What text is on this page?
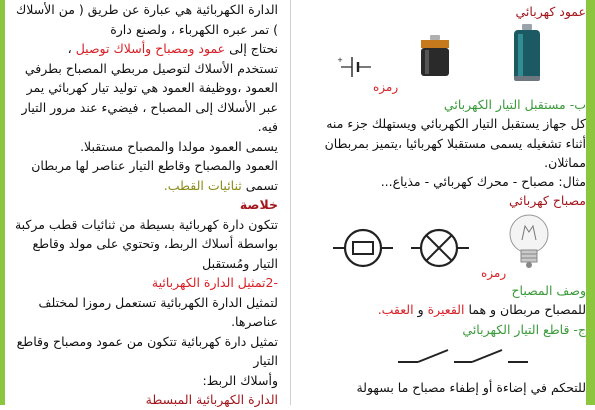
الدارة الكهربائية هي عبارة عن طريق ( من الأسلاك ) تمر عبره الكهرباء ، ولصنع دارة

نحتاج إلى عمود ومصباح وأسلاك توصيل ،

تستخدم الأسلاك لتوصيل مربطي المصباح بطرفي العمود ،ووظيفة العمود هي توليد تيار كهربائي يمر عبر الأسلاك إلى المصباح ، فيضيء عند مرور التيار فيه.

يسمى العمود مولدا والمصباح مستقبلا.

العمود والمصباح وقاطع التيار عناصر لها مربطان تسمى ثنائيات القطب.

خلاصة

تتكون دارة كهربائية بسيطة من ثنائيات قطب مركبة بواسطة أسلاك الربط، وتحتوي على مولد وقاطع التيار ومُستقبل

-2تمثيل الدارة الكهربائية

لتمثيل الدارة الكهربائية تستعمل رموزا لمختلف عناصرها.

تمثيل دارة كهربائية تتكون من عمود ومصباح وقاطع التيار

وأسلاك الربط:

الدارة الكهربائية المبسطة

عمود كهربائي
+
رمزه
ب- مستقبل التيار الكهربائي
كل جهاز يستقبل التيار الكهربائي ويستهلك جزء منه أثناء تشغيله يسمى مستقبلا كهربائيا ،يتميز بمربطان مماثلان.
مثال: مصباح - محرك كهربائي - مذياع...
مصباح كهربائي
رمزه
وصف المصباح
للمصباح مربطان و هما القعيرة و العقب.
ج- قاطع التيار الكهربائي
للتحكم في إضاءة أو إطفاء مصباح ما بسهولة
